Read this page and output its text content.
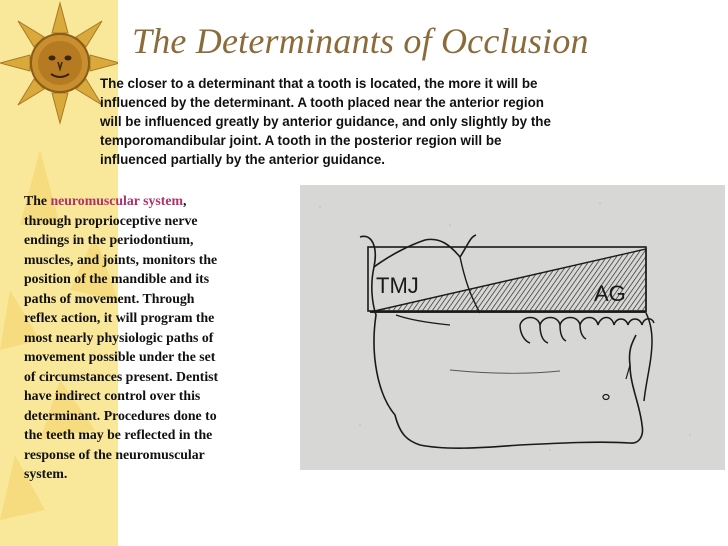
The Determinants of Occlusion
The closer to a determinant that a tooth is located, the more it will be
influenced by the determinant. A tooth placed near the anterior region
will be influenced greatly by anterior guidance, and only slightly by the
temporomandibular joint. A tooth in the posterior region will be
influenced partially by the anterior guidance.
The neuromuscular system,
through proprioceptive nerve
endings in the periodontium,
muscles, and joints, monitors the
position of the mandible and its
paths of movement. Through
reflex action, it will program the
most nearly physiologic paths of
movement possible under the set
of circumstances present. Dentist
have indirect control over this
determinant. Procedures done to
the teeth may be reflected in the
response of the neuromuscular
system.
TMJ	AG
